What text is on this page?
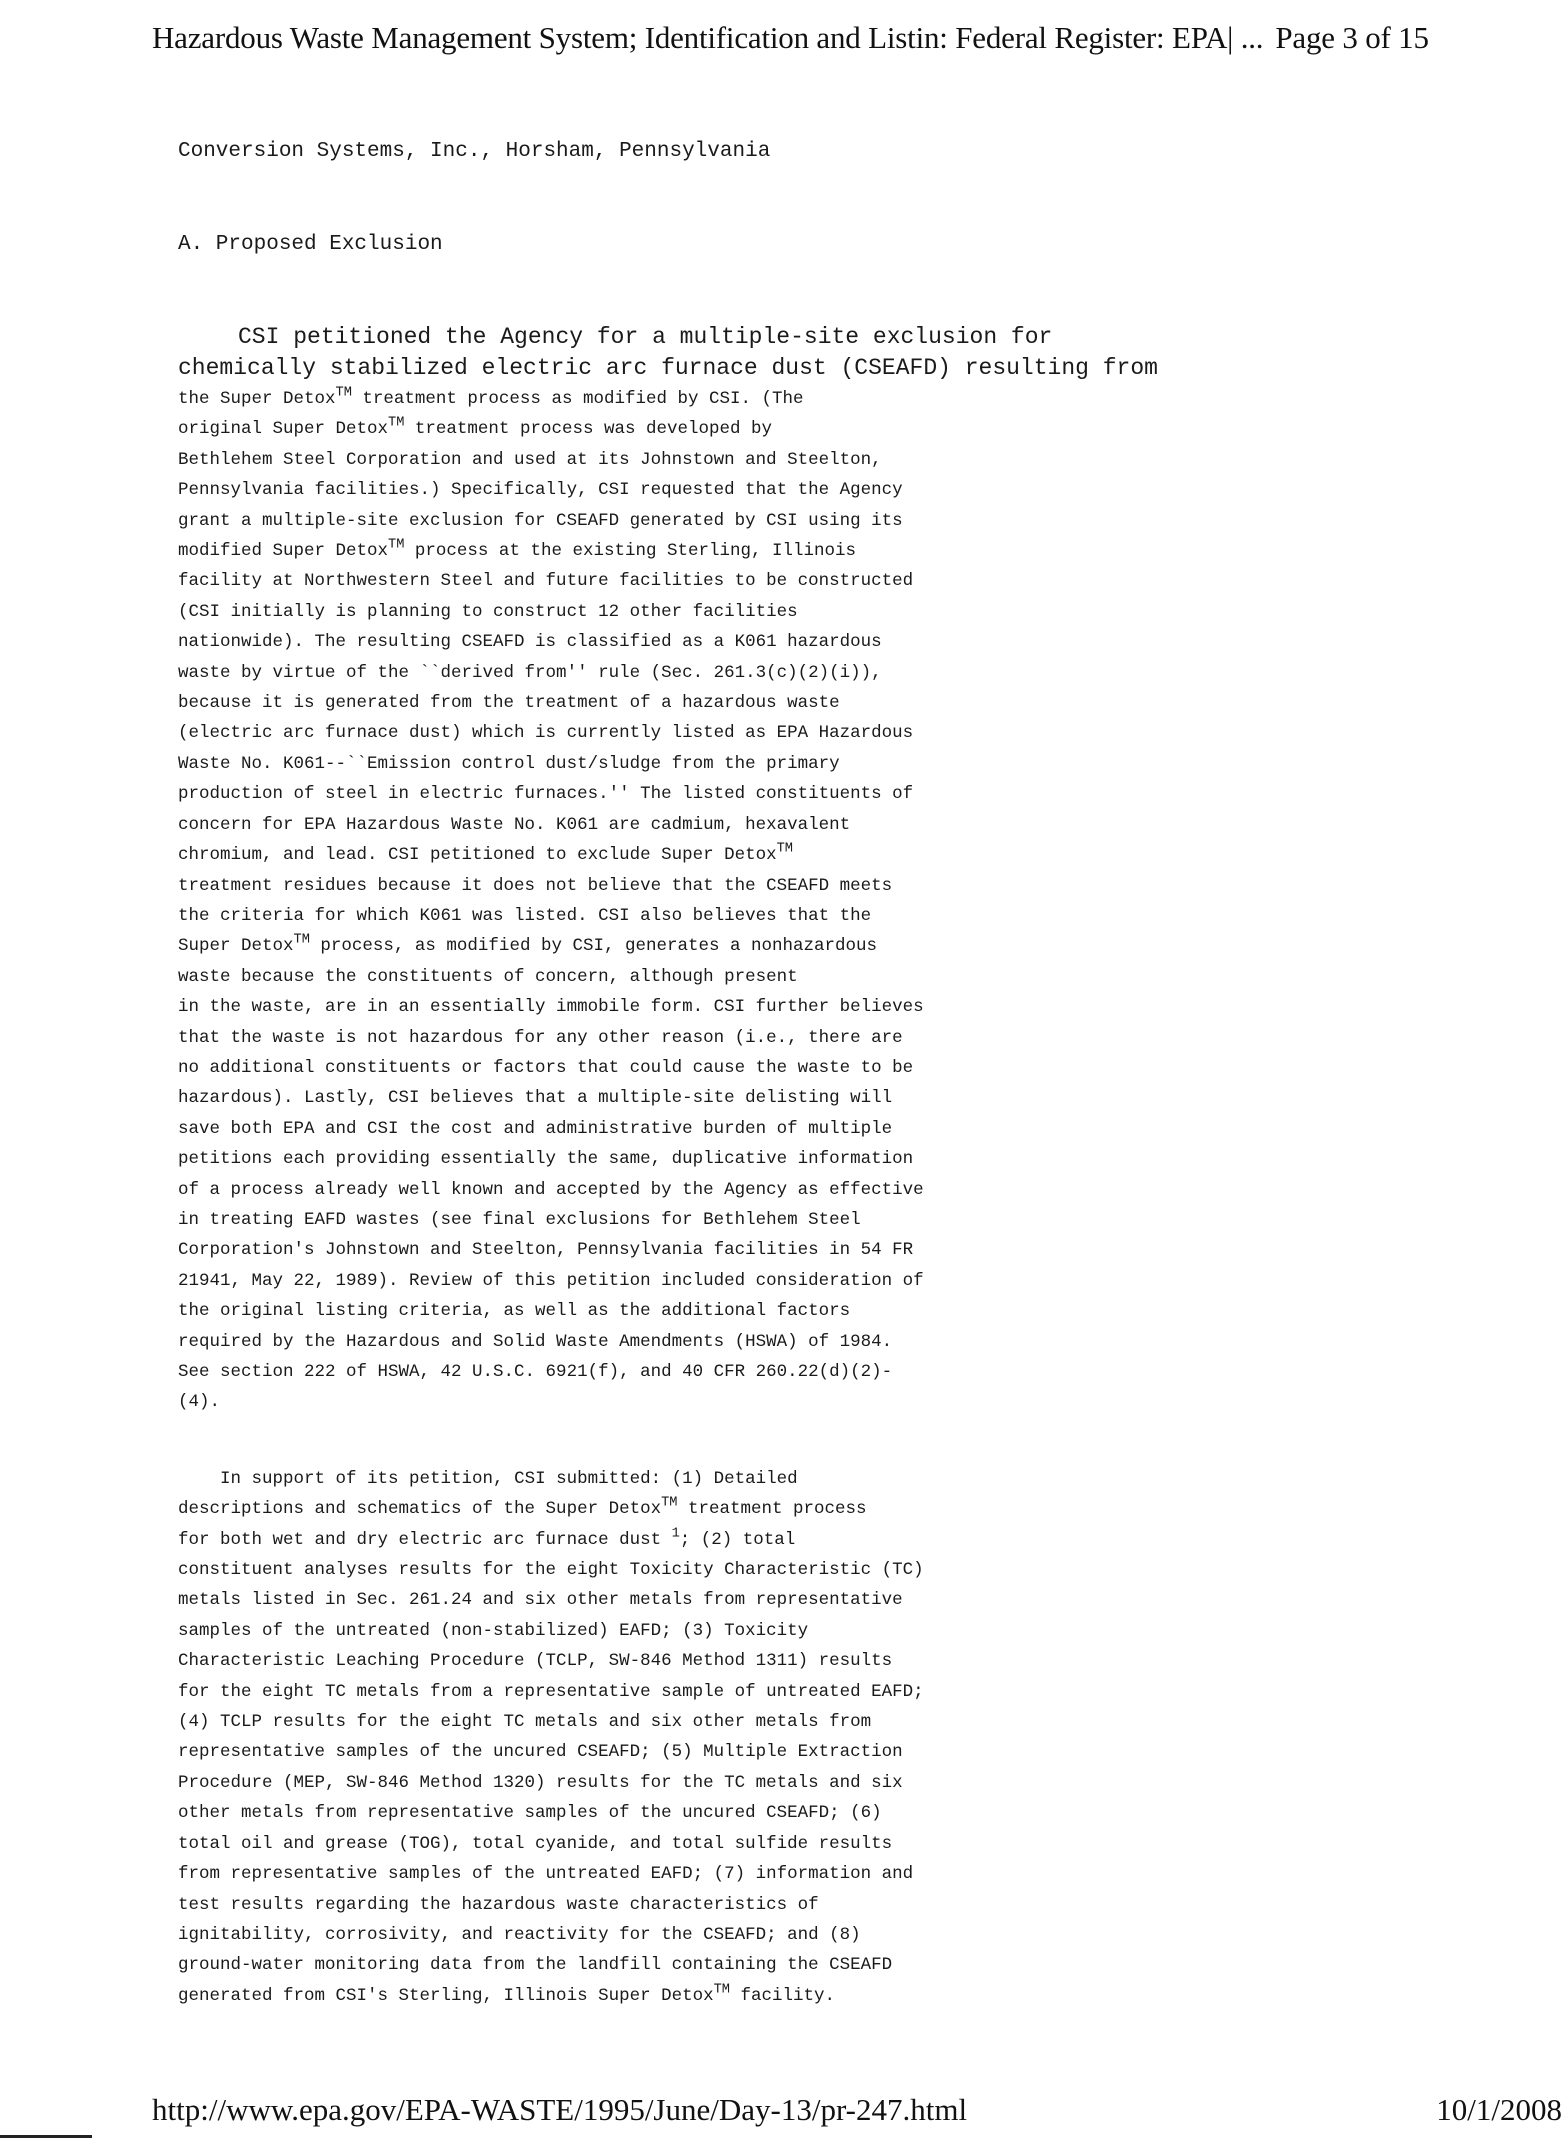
Hazardous Waste Management System; Identification and Listin: Federal Register: EPA| ... Page 3 of 15

Conversion Systems, Inc., Horsham, Pennsylvania

A. Proposed Exclusion

CSI petitioned the Agency for a multiple-site exclusion for
chemically stabilized electric arc furnace dust (CSEAFD) resulting from
the Super Detox™ treatment process as modified by CSI. (The
original Super Detox™ treatment process was developed by
Bethlehem Steel Corporation and used at its Johnstown and Steelton,
Pennsylvania facilities.) Specifically, CSI requested that the Agency
grant a multiple-site exclusion for CSEAFD generated by CSI using its
modified Super Detox™ process at the existing Sterling, Illinois
facility at Northwestern Steel and future facilities to be constructed
(CSI initially is planning to construct 12 other facilities
nationwide). The resulting CSEAFD is classified as a K061 hazardous
waste by virtue of the ``derived from'' rule (Sec. 261.3(c)(2)(i)),
because it is generated from the treatment of a hazardous waste
(electric arc furnace dust) which is currently listed as EPA Hazardous
Waste No. K061--``Emission control dust/sludge from the primary
production of steel in electric furnaces.'' The listed constituents of
concern for EPA Hazardous Waste No. K061 are cadmium, hexavalent
chromium, and lead. CSI petitioned to exclude Super Detox™
treatment residues because it does not believe that the CSEAFD meets
the criteria for which K061 was listed. CSI also believes that the
Super Detox™ process, as modified by CSI, generates a nonhazardous
waste because the constituents of concern, although present
in the waste, are in an essentially immobile form. CSI further believes
that the waste is not hazardous for any other reason (i.e., there are
no additional constituents or factors that could cause the waste to be
hazardous). Lastly, CSI believes that a multiple-site delisting will
save both EPA and CSI the cost and administrative burden of multiple
petitions each providing essentially the same, duplicative information
of a process already well known and accepted by the Agency as effective
in treating EAFD wastes (see final exclusions for Bethlehem Steel
Corporation's Johnstown and Steelton, Pennsylvania facilities in 54 FR
21941, May 22, 1989). Review of this petition included consideration of
the original listing criteria, as well as the additional factors
required by the Hazardous and Solid Waste Amendments (HSWA) of 1984.
See section 222 of HSWA, 42 U.S.C. 6921(f), and 40 CFR 260.22(d)(2)-
(4).
In support of its petition, CSI submitted: (1) Detailed
descriptions and schematics of the Super Detox™ treatment process
for both wet and dry electric arc furnace dust $^1$; (2) total
constituent analyses results for the eight Toxicity Characteristic (TC)
metals listed in Sec. 261.24 and six other metals from representative
samples of the untreated (non-stabilized) EAFD; (3) Toxicity
Characteristic Leaching Procedure (TCLP, SW-846 Method 1311) results
for the eight TC metals from a representative sample of untreated EAFD;
(4) TCLP results for the eight TC metals and six other metals from
representative samples of the uncured CSEAFD; (5) Multiple Extraction
Procedure (MEP, SW-846 Method 1320) results for the TC metals and six
other metals from representative samples of the uncured CSEAFD; (6)
total oil and grease (TOG), total cyanide, and total sulfide results
from representative samples of the untreated EAFD; (7) information and
test results regarding the hazardous waste characteristics of
ignitability, corrosivity, and reactivity for the CSEAFD; and (8)
ground-water monitoring data from the landfill containing the CSEAFD
generated from CSI's Sterling, Illinois Super Detox™ facility.
http://www.epa.gov/EPA-WASTE/1995/June/Day-13/pr-247.html	10/1/2008
